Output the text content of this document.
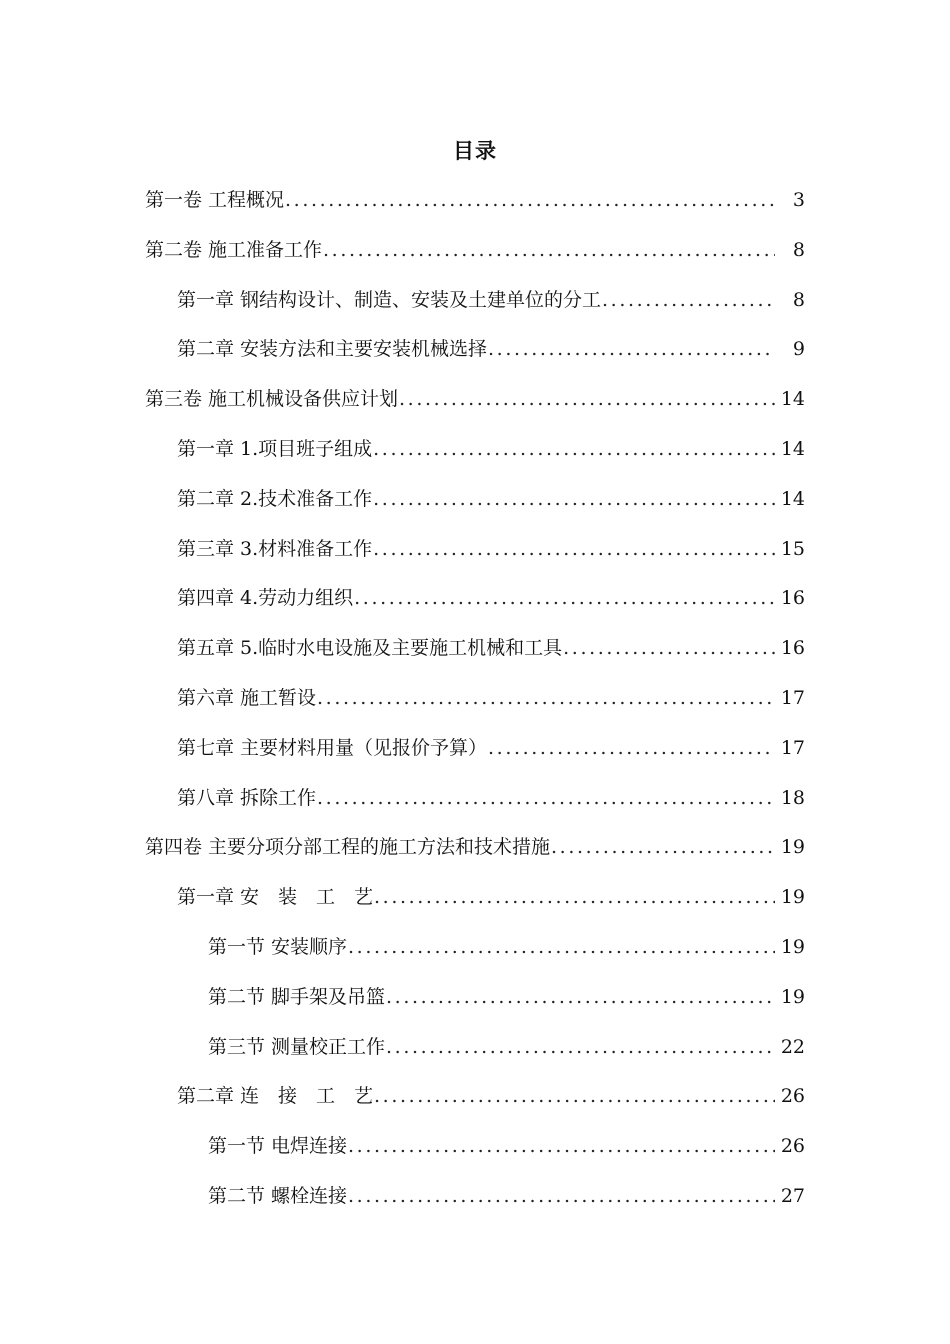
目录
第一卷 工程概况 .....	3
第二卷 施工准备工作 .....	8
第一章 钢结构设计、制造、安装及土建单位的分工 .....	8
第二章 安装方法和主要安装机械选择 .....	9
第三卷 施工机械设备供应计划 .....	14
第一章 1.项目班子组成 .....	14
第二章 2.技术准备工作 .....	14
第三章 3.材料准备工作 .....	15
第四章 4.劳动力组织 .....	16
第五章 5.临时水电设施及主要施工机械和工具 .....	16
第六章 施工暂设 .....	17
第七章 主要材料用量（见报价予算） .....	17
第八章 拆除工作 .....	18
第四卷 主要分项分部工程的施工方法和技术措施 .....	19
第一章 安　装　工　艺 .....	19
第一节 安装顺序 .....	19
第二节 脚手架及吊篮 .....	19
第三节 测量校正工作 .....	22
第二章 连　接　工　艺 .....	26
第一节 电焊连接 .....	26
第二节 螺栓连接 .....	27
